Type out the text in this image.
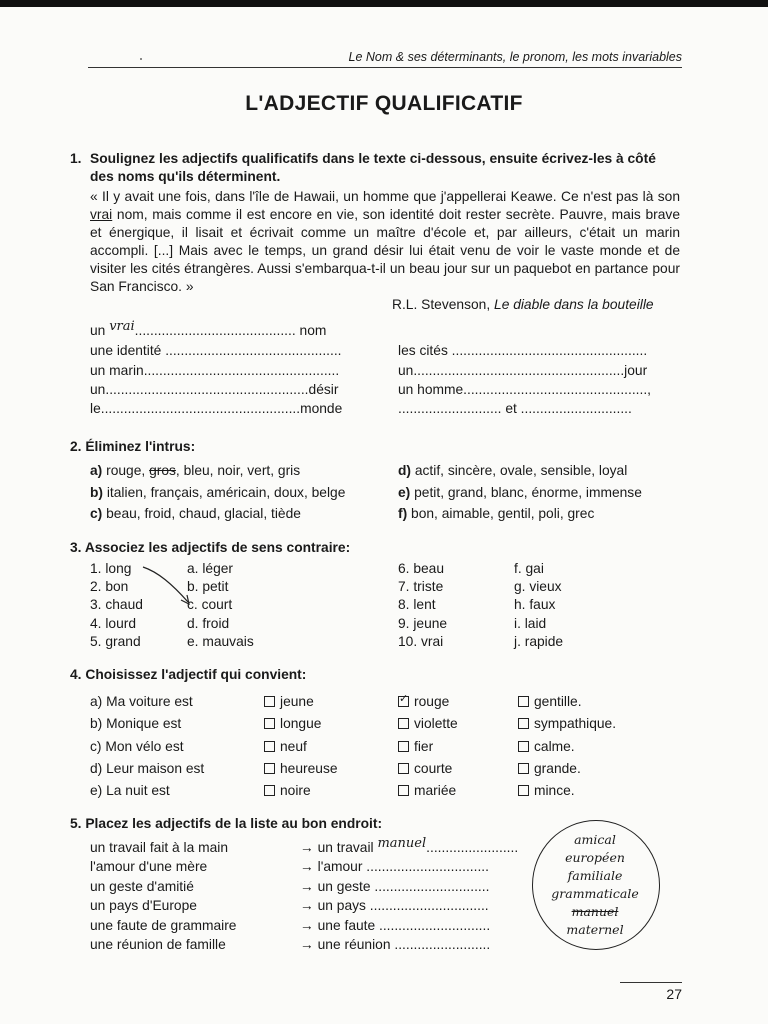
Le Nom & ses déterminants, le pronom, les mots invariables
L'ADJECTIF QUALIFICATIF
1. Soulignez les adjectifs qualificatifs dans le texte ci-dessous, ensuite écrivez-les à côté des noms qu'ils déterminent.
« Il y avait une fois, dans l'île de Hawaii, un homme que j'appellerai Keawe. Ce n'est pas là son vrai nom, mais comme il est encore en vie, son identité doit rester secrète. Pauvre, mais brave et énergique, il lisait et écrivait comme un maître d'école et, par ailleurs, c'était un marin accompli. [...] Mais avec le temps, un grand désir lui était venu de voir le vaste monde et de visiter les cités étrangères. Aussi s'embarqua-t-il un beau jour sur un paquebot en partance pour San Francisco. »
R.L. Stevenson, Le diable dans la bouteille
un vrai.......................................... nom
une identité ..............................................
un marin...................................................
un.....................................................désir
le....................................................monde
les cités ...................................................
un.......................................................jour
un homme................................................,
........................... et .............................
2. Éliminez l'intrus:
a) rouge, gros, bleu, noir, vert, gris
b) italien, français, américain, doux, belge
c) beau, froid, chaud, glacial, tiède
d) actif, sincère, ovale, sensible, loyal
e) petit, grand, blanc, énorme, immense
f) bon, aimable, gentil, poli, grec
3. Associez les adjectifs de sens contraire:
1. long
2. bon
3. chaud
4. lourd
5. grand
a. léger
b. petit
c. court
d. froid
e. mauvais
6. beau
7. triste
8. lent
9. jeune
10. vrai
f. gai
g. vieux
h. faux
i. laid
j. rapide
4. Choisissez l'adjectif qui convient:
a) Ma voiture est	jeune
✓	rouge	gentille.
b) Monique est	longue	violette	sympathique.
c) Mon vélo est	neuf	fier	calme.
d) Leur maison est	heureuse	courte	grande.
e) La nuit est	noire	mariée	mince.
5. Placez les adjectifs de la liste au bon endroit:
un travail fait à la main	→ un travail manuel........................
l'amour d'une mère	→ l'amour ................................
un geste d'amitié	→ un geste ..............................
un pays d'Europe	→ un pays ...............................
une faute de grammaire	→ une faute .............................
une réunion de famille	→ une réunion .........................
amical
européen
familiale
grammaticale
manuel
maternel
27
